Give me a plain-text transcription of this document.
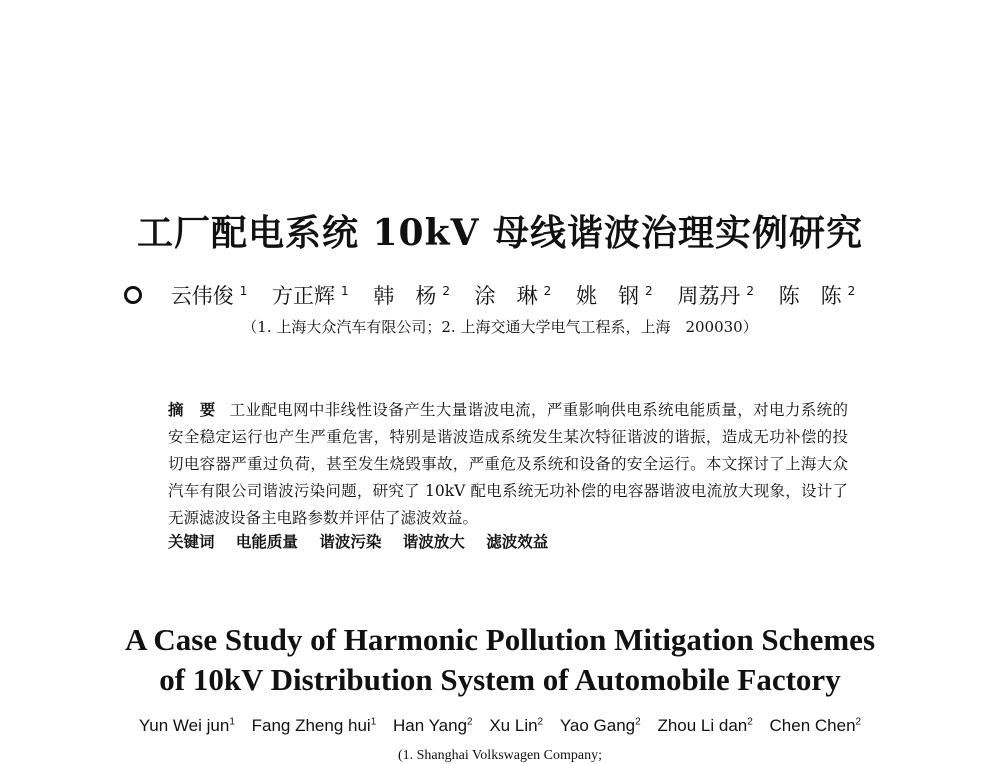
工厂配电系统 10kV 母线谐波治理实例研究
云伟俊 $^1$ 方正辉 $^1$ 韩　杨 $^2$ 涂　琳 $^2$ 姚　钢 $^2$ 周荔丹 $^2$ 陈　陈 $^2$
（1. 上海大众汽车有限公司；2. 上海交通大学电气工程系，上海　200030）
摘　要 工业配电网中非线性设备产生大量谐波电流，严重影响供电系统电能质量，对电力系统的安全稳定运行也产生严重危害，特别是谐波造成系统发生某次特征谐波的谐振，造成无功补偿的投切电容器严重过负荷，甚至发生烧毁事故，严重危及系统和设备的安全运行。本文探讨了上海大众汽车有限公司谐波污染问题，研究了 10kV 配电系统无功补偿的电容器谐波电流放大现象，设计了无源滤波设备主电路参数并评估了滤波效益。
关键词 电能质量 谐波污染 谐波放大 滤波效益
A Case Study of Harmonic Pollution Mitigation Schemes
of 10kV Distribution System of Automobile Factory
Yun Wei jun$^1$ Fang Zheng hui$^1$ Han Yang$^2$ Xu Lin$^2$ Yao Gang$^2$ Zhou Li dan$^2$ Chen Chen$^2$
(1. Shanghai Volkswagen Company;
